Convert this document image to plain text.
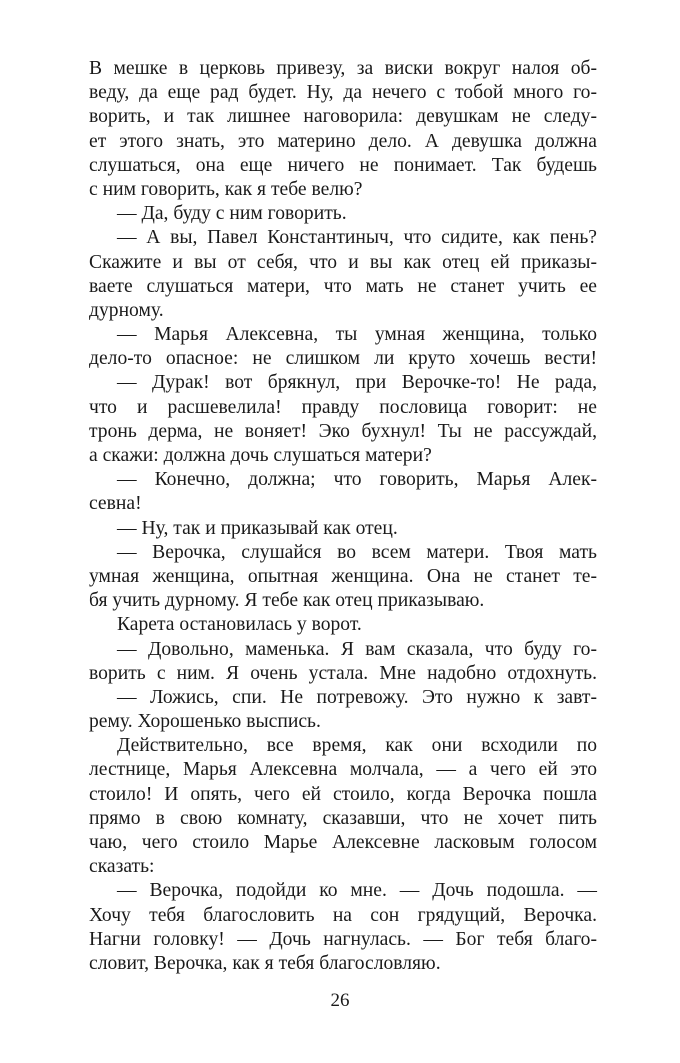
В мешке в церковь привезу, за виски вокруг налоя об-
веду, да еще рад будет. Ну, да нечего с тобой много го-
ворить, и так лишнее наговорила: девушкам не следу-
ет этого знать, это материно дело. А девушка должна
слушаться, она еще ничего не понимает. Так будешь
с ним говорить, как я тебе велю?
— Да, буду с ним говорить.
— А вы, Павел Константиныч, что сидите, как пень?
Скажите и вы от себя, что и вы как отец ей приказы-
ваете слушаться матери, что мать не станет учить ее
дурному.
— Марья Алексевна, ты умная женщина, только
дело-то опасное: не слишком ли круто хочешь вести!
— Дурак! вот брякнул, при Верочке-то! Не рада,
что и расшевелила! правду пословица говорит: не
тронь дерма, не воняет! Эко бухнул! Ты не рассуждай,
а скажи: должна дочь слушаться матери?
— Конечно, должна; что говорить, Марья Алек-
севна!
— Ну, так и приказывай как отец.
— Верочка, слушайся во всем матери. Твоя мать
умная женщина, опытная женщина. Она не станет те-
бя учить дурному. Я тебе как отец приказываю.
Карета остановилась у ворот.
— Довольно, маменька. Я вам сказала, что буду го-
ворить с ним. Я очень устала. Мне надобно отдохнуть.
— Ложись, спи. Не потревожу. Это нужно к завт-
рему. Хорошенько выспись.
Действительно, все время, как они всходили по
лестнице, Марья Алексевна молчала, — а чего ей это
стоило! И опять, чего ей стоило, когда Верочка пошла
прямо в свою комнату, сказавши, что не хочет пить
чаю, чего стоило Марье Алексевне ласковым голосом
сказать:
— Верочка, подойди ко мне. — Дочь подошла. —
Хочу тебя благословить на сон грядущий, Верочка.
Нагни головку! — Дочь нагнулась. — Бог тебя благо-
словит, Верочка, как я тебя благословляю.
26
